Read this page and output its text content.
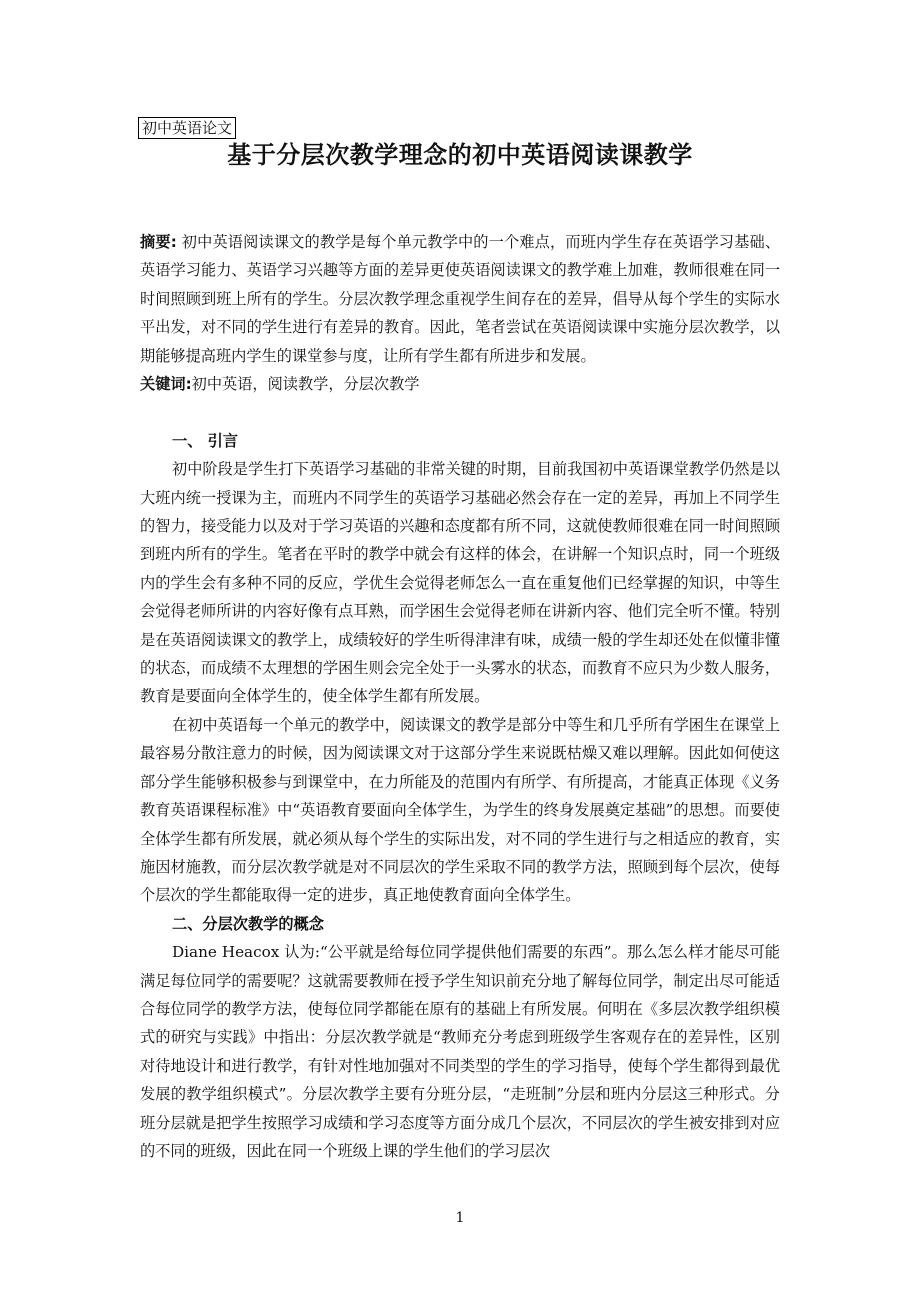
初中英语论文
基于分层次教学理念的初中英语阅读课教学

摘要: 初中英语阅读课文的教学是每个单元教学中的一个难点，而班内学生存在英语学习基础、英语学习能力、英语学习兴趣等方面的差异更使英语阅读课文的教学难上加难，教师很难在同一时间照顾到班上所有的学生。分层次教学理念重视学生间存在的差异，倡导从每个学生的实际水平出发，对不同的学生进行有差异的教育。因此，笔者尝试在英语阅读课中实施分层次教学，以期能够提高班内学生的课堂参与度，让所有学生都有所进步和发展。

关键词:初中英语，阅读教学，分层次教学

一、 引言

初中阶段是学生打下英语学习基础的非常关键的时期，目前我国初中英语课堂教学仍然是以大班内统一授课为主，而班内不同学生的英语学习基础必然会存在一定的差异，再加上不同学生的智力，接受能力以及对于学习英语的兴趣和态度都有所不同，这就使教师很难在同一时间照顾到班内所有的学生。笔者在平时的教学中就会有这样的体会，在讲解一个知识点时，同一个班级内的学生会有多种不同的反应，学优生会觉得老师怎么一直在重复他们已经掌握的知识，中等生会觉得老师所讲的内容好像有点耳熟，而学困生会觉得老师在讲新内容、他们完全听不懂。特别是在英语阅读课文的教学上，成绩较好的学生听得津津有味，成绩一般的学生却还处在似懂非懂的状态，而成绩不太理想的学困生则会完全处于一头雾水的状态，而教育不应只为少数人服务，教育是要面向全体学生的，使全体学生都有所发展。

在初中英语每一个单元的教学中，阅读课文的教学是部分中等生和几乎所有学困生在课堂上最容易分散注意力的时候，因为阅读课文对于这部分学生来说既枯燥又难以理解。因此如何使这部分学生能够积极参与到课堂中，在力所能及的范围内有所学、有所提高，才能真正体现《义务教育英语课程标准》中“英语教育要面向全体学生，为学生的终身发展奠定基础”的思想。而要使全体学生都有所发展，就必须从每个学生的实际出发，对不同的学生进行与之相适应的教育，实施因材施教，而分层次教学就是对不同层次的学生采取不同的教学方法，照顾到每个层次，使每个层次的学生都能取得一定的进步，真正地使教育面向全体学生。

二、分层次教学的概念

Diane Heacox 认为:“公平就是给每位同学提供他们需要的东西”。那么怎么样才能尽可能满足每位同学的需要呢？这就需要教师在授予学生知识前充分地了解每位同学，制定出尽可能适合每位同学的教学方法，使每位同学都能在原有的基础上有所发展。何明在《多层次教学组织模式的研究与实践》中指出：分层次教学就是“教师充分考虑到班级学生客观存在的差异性，区别对待地设计和进行教学，有针对性地加强对不同类型的学生的学习指导，使每个学生都得到最优发展的教学组织模式”。分层次教学主要有分班分层，“走班制”分层和班内分层这三种形式。分班分层就是把学生按照学习成绩和学习态度等方面分成几个层次，不同层次的学生被安排到对应的不同的班级，因此在同一个班级上课的学生他们的学习层次

1
